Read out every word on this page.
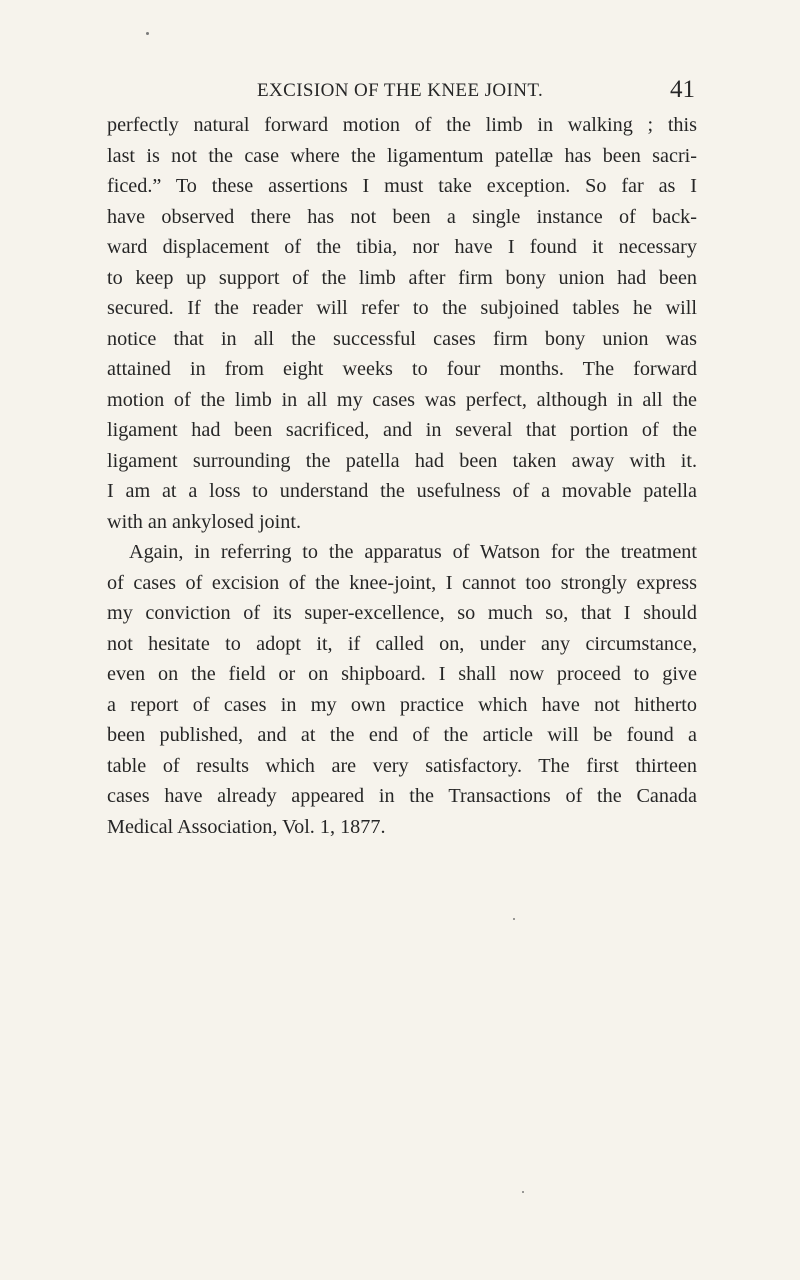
EXCISION OF THE KNEE JOINT.	41
perfectly natural forward motion of the limb in walking ; this
last is not the case where the ligamentum patellæ has been sacri-
ficed.” To these assertions I must take exception. So far as I
have observed there has not been a single instance of back-
ward displacement of the tibia, nor have I found it necessary
to keep up support of the limb after firm bony union had been
secured. If the reader will refer to the subjoined tables he will
notice that in all the successful cases firm bony union was
attained in from eight weeks to four months. The forward
motion of the limb in all my cases was perfect, although in all the
ligament had been sacrificed, and in several that portion of the
ligament surrounding the patella had been taken away with it.
I am at a loss to understand the usefulness of a movable patella
with an ankylosed joint.
Again, in referring to the apparatus of Watson for the treatment
of cases of excision of the knee-joint, I cannot too strongly express
my conviction of its super-excellence, so much so, that I should
not hesitate to adopt it, if called on, under any circumstance,
even on the field or on shipboard. I shall now proceed to give
a report of cases in my own practice which have not hitherto
been published, and at the end of the article will be found a
table of results which are very satisfactory. The first thirteen
cases have already appeared in the Transactions of the Canada
Medical Association, Vol. 1, 1877.
